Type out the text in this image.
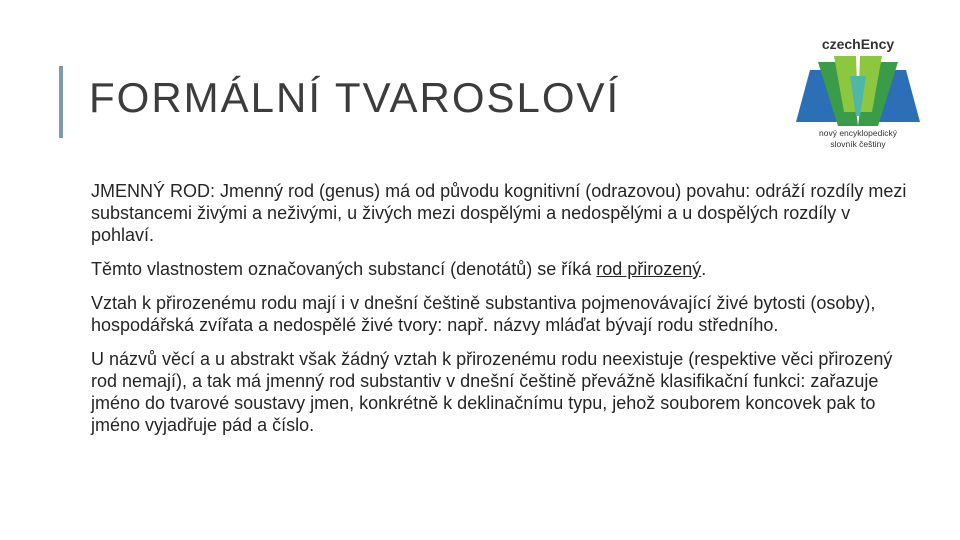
FORMÁLNÍ TVAROSLOVÍ
czechEncy
nový encyklopedický
slovník češtiny

JMENNÝ ROD: Jmenný rod (genus) má od původu kognitivní (odrazovou) povahu: odráží rozdíly mezi substancemi živými a neživými, u živých mezi dospělými a nedospělými a u dospělých rozdíly v pohlaví.

Těmto vlastnostem označovaných substancí (denotátů) se říká rod přirozený.

Vztah k přirozenému rodu mají i v dnešní češtině substantiva pojmenovávající živé bytosti (osoby), hospodářská zvířata a nedospělé živé tvory: např. názvy mláďat bývají rodu středního.

U názvů věcí a u abstrakt však žádný vztah k přirozenému rodu neexistuje (respektive věci přirozený rod nemají), a tak má jmenný rod substantiv v dnešní češtině převážně klasifikační funkci: zařazuje jméno do tvarové soustavy jmen, konkrétně k deklinačnímu typu, jehož souborem koncovek pak to jméno vyjadřuje pád a číslo.
